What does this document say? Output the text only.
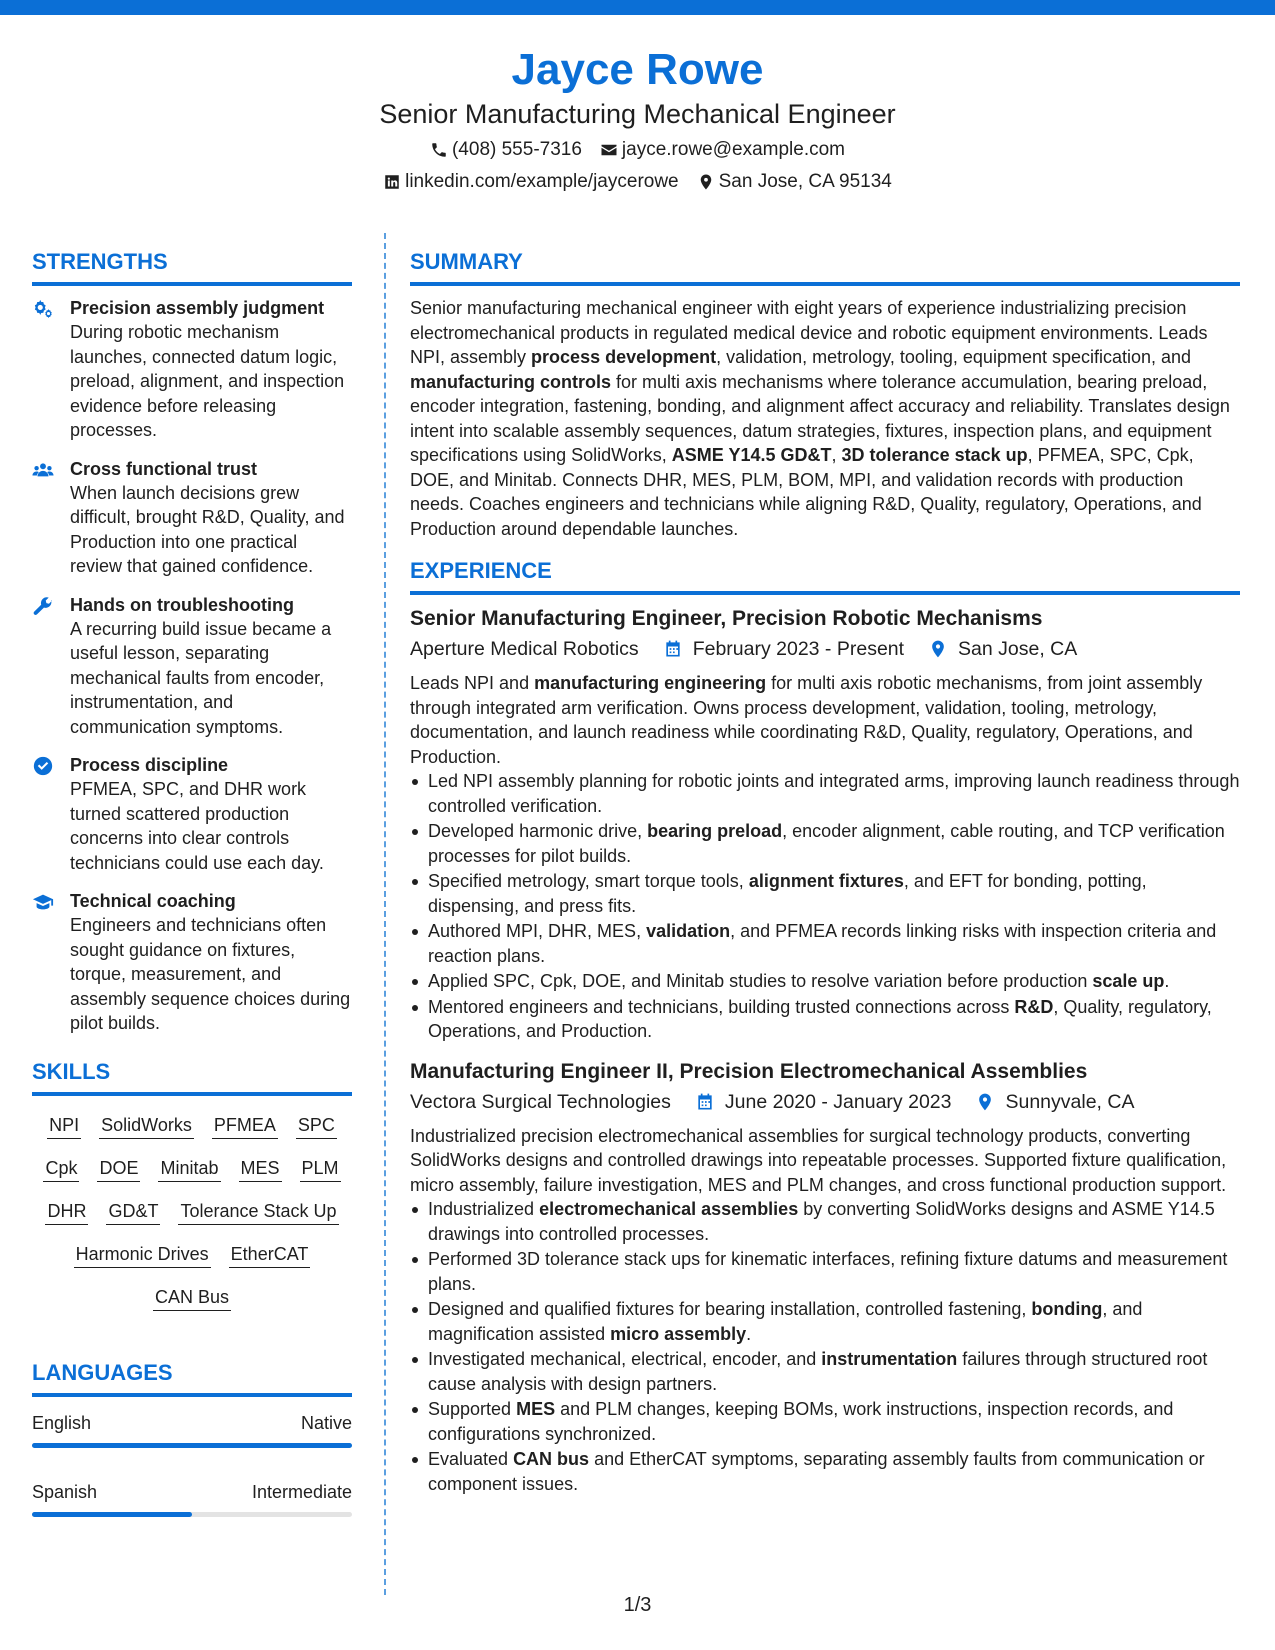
Jayce Rowe
Senior Manufacturing Mechanical Engineer
(408) 555-7316 jayce.rowe@example.com
linkedin.com/example/jaycerowe San Jose, CA 95134
STRENGTHS
Precision assembly judgment
During robotic mechanism launches, connected datum logic, preload, alignment, and inspection evidence before releasing processes.
Cross functional trust
When launch decisions grew difficult, brought R&D, Quality, and Production into one practical review that gained confidence.
Hands on troubleshooting
A recurring build issue became a useful lesson, separating mechanical faults from encoder, instrumentation, and communication symptoms.
Process discipline
PFMEA, SPC, and DHR work turned scattered production concerns into clear controls technicians could use each day.
Technical coaching
Engineers and technicians often sought guidance on fixtures, torque, measurement, and assembly sequence choices during pilot builds.
SKILLS
NPI SolidWorks PFMEA SPC
Cpk DOE Minitab MES PLM
DHR GD&T Tolerance Stack Up
Harmonic Drives EtherCAT
CAN Bus
LANGUAGES
English	Native
Spanish	Intermediate
SUMMARY
Senior manufacturing mechanical engineer with eight years of experience industrializing precision electromechanical products in regulated medical device and robotic equipment environments. Leads NPI, assembly process development, validation, metrology, tooling, equipment specification, and manufacturing controls for multi axis mechanisms where tolerance accumulation, bearing preload, encoder integration, fastening, bonding, and alignment affect accuracy and reliability. Translates design intent into scalable assembly sequences, datum strategies, fixtures, inspection plans, and equipment specifications using SolidWorks, ASME Y14.5 GD&T, 3D tolerance stack up, PFMEA, SPC, Cpk, DOE, and Minitab. Connects DHR, MES, PLM, BOM, MPI, and validation records with production needs. Coaches engineers and technicians while aligning R&D, Quality, regulatory, Operations, and Production around dependable launches.
EXPERIENCE
Senior Manufacturing Engineer, Precision Robotic Mechanisms
Aperture Medical Robotics	February 2023 - Present	San Jose, CA
Leads NPI and manufacturing engineering for multi axis robotic mechanisms, from joint assembly through integrated arm verification. Owns process development, validation, tooling, metrology, documentation, and launch readiness while coordinating R&D, Quality, regulatory, Operations, and Production.
Led NPI assembly planning for robotic joints and integrated arms, improving launch readiness through controlled verification.
Developed harmonic drive, bearing preload, encoder alignment, cable routing, and TCP verification processes for pilot builds.
Specified metrology, smart torque tools, alignment fixtures, and EFT for bonding, potting, dispensing, and press fits.
Authored MPI, DHR, MES, validation, and PFMEA records linking risks with inspection criteria and reaction plans.
Applied SPC, Cpk, DOE, and Minitab studies to resolve variation before production scale up.
Mentored engineers and technicians, building trusted connections across R&D, Quality, regulatory, Operations, and Production.
Manufacturing Engineer II, Precision Electromechanical Assemblies
Vectora Surgical Technologies	June 2020 - January 2023	Sunnyvale, CA
Industrialized precision electromechanical assemblies for surgical technology products, converting SolidWorks designs and controlled drawings into repeatable processes. Supported fixture qualification, micro assembly, failure investigation, MES and PLM changes, and cross functional production support.
Industrialized electromechanical assemblies by converting SolidWorks designs and ASME Y14.5 drawings into controlled processes.
Performed 3D tolerance stack ups for kinematic interfaces, refining fixture datums and measurement plans.
Designed and qualified fixtures for bearing installation, controlled fastening, bonding, and magnification assisted micro assembly.
Investigated mechanical, electrical, encoder, and instrumentation failures through structured root cause analysis with design partners.
Supported MES and PLM changes, keeping BOMs, work instructions, inspection records, and configurations synchronized.
Evaluated CAN bus and EtherCAT symptoms, separating assembly faults from communication or component issues.
1/3
